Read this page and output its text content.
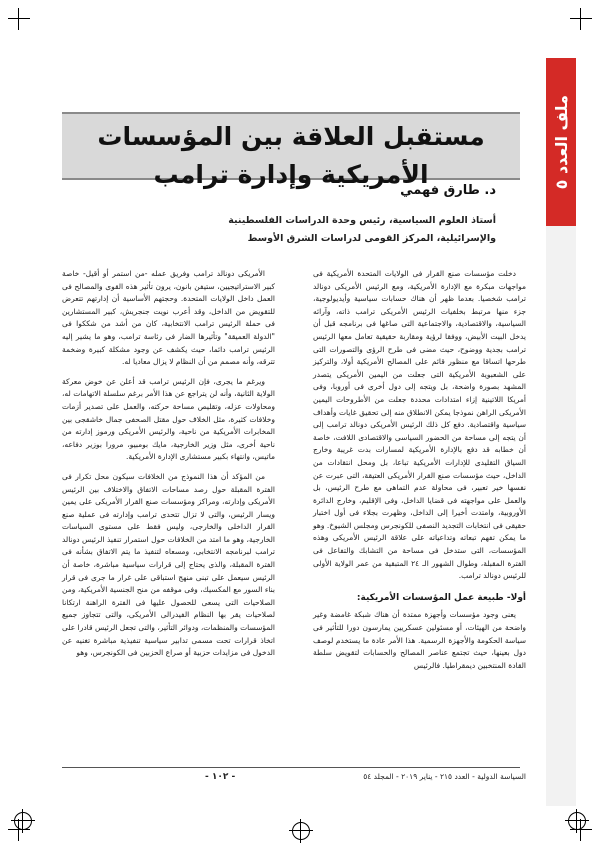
ملف العدد ٥
مستقبل العلاقة بين المؤسسات الأمريكية وإدارة ترامب
د. طارق فهمي
أستاذ العلوم السياسية، رئيس وحدة الدراسات الفلسطينية
والإسرائيلية، المركز القومى لدراسات الشرق الأوسط

دخلت مؤسسات صنع القرار فى الولايات المتحدة الأمريكية فى مواجهات مبكرة مع الإدارة الأمريكية، ومع الرئيس الأمريكى دونالد ترامب شخصيا. بعدما ظهر أن هناك حسابات سياسية وأيديولوجية، جزء منها مرتبط بخلفيات الرئيس الأمريكى ترامب ذاته، وآرائه السياسية، والاقتصادية، والاجتماعية التى صاغها فى برنامجه قبل أن يدخل البيت الأبيض، ووفقا لرؤية ومقاربة حقيقية تعامل معها الرئيس ترامب بجدية ووضوح، حيث مضى فى طرح الرؤى والتصورات التى طرحها اتساقا مع منظور قائم على المصالح الأمريكية أولا، والتركيز على الشعبوية الأمريكية التى جعلت من اليمين الأمريكى يتصدر المشهد بصورة واضحة، بل ويتجه إلى دول أخرى فى أوروبا، وفى أمريكا اللاتينية إزاء امتدادات محددة جعلت من الأطروحات اليمين الأمريكى الراهن نموذجا يمكن الانطلاق منه إلى تحقيق غايات وأهداف سياسية واقتصادية. دفع كل ذلك الرئيس الأمريكى دونالد ترامب إلى أن يتجه إلى مساحة من الحضور السياسى والاقتصادى اللافت، خاصة أن خطابه قد دفع بالإدارة الأمريكية لمسارات بدت غريبة وخارج السياق التقليدى للإدارات الأمريكية تباعا، بل ومحل انتقادات من الداخل، حيث مؤسسات صنع القرار الأمريكى العتيقة، التى عبرت عن نفسها خير تعبير، فى محاولة عدم التماهى مع طرح الرئيس، بل والعمل على مواجهته فى قضايا الداخل، وفى الإقليم، وخارج الدائرة الأوروبية، وامتدت أخيرا إلى الداخل، وظهرت بجلاء فى أول اختبار حقيقى فى انتخابات التجديد النصفى للكونجرس ومجلس الشيوخ. وهو ما يمكن تفهم تبعاته وتداعياته على علاقة الرئيس الأمريكى وهذه المؤسسات، التى ستدخل فى مساحة من التشابك والتفاعل فى الفترة المقبلة، وطوال الشهور الـ ٢٤ المتبقية من عمر الولاية الأولى للرئيس دونالد ترامب.

أولا- طبيعة عمل المؤسسات الأمريكية:

يعنى وجود مؤسسات وأجهزة ممتدة أن هناك شبكة غامضة وغير واضحة من الهيئات، أو مسئولين عسكريين يمارسون دورا للتأثير فى سياسة الحكومة والأجهزة الرسمية. هذا الأمر عادة ما يستخدم لوصف دول بعينها، حيث تجتمع عناصر المصالح والحسابات لتقويض سلطة القادة المنتخبين ديمقراطيا. فالرئيس

الأمريكى دونالد ترامب وفريق عمله -من استمر أو أقيل- خاصة كبير الاستراتيجيين، ستيفن بانون، يرون تأثير هذه القوى والمصالح فى العمل داخل الولايات المتحدة. وحجتهم الأساسية أن إدارتهم تتعرض للتقويض من الداخل، وقد أعرب نويت جنجريش، كبير المستشارين فى حملة الرئيس ترامب الانتخابية، كان من أشد من شككوا فى "الدولة العميقة" وتأثيرها الضار فى رئاسة ترامب، وهو ما يشير إليه الرئيس ترامب دائما، حيث يكشف عن وجود مشكلة كبيرة وضخمة تترقه، وأنه مصمم من أن النظام لا يزال معاديا له.

ويرغم ما يجرى، فإن الرئيس ترامب قد أعلن عن خوض معركة الولاية الثانية، وأنه لن يتراجع عن هذا الأمر برغم سلسلة الاتهامات له، ومحاولات عزله، وتقليص مساحة حركته، والعمل على تصدير أزمات وخلافات كثيرة، مثل الخلاف حول مقتل الصحفى جمال خاشقجى بين المخابرات الأمريكية من ناحية، والرئيس الأمريكى ورموز إدارته من ناحية أخرى، مثل وزير الخارجية، مايك بومبيو، مرورا بوزير دفاعه، ماتيس، وانتهاء بكبير مستشارى الإدارة الأمريكية.

من المؤكد أن هذا النموذج من الخلافات سيكون محل تكرار فى الفترة المقبلة حول رصد مساحات الاتفاق والاختلاف بين الرئيس الأمريكى وإدارته، ومراكز ومؤسسات صنع القرار الأمريكى على يمين ويسار الرئيس، والتى لا تزال تتحدى ترامب وإدارته فى عملية صنع القرار الداخلى والخارجى، وليس فقط على مستوى السياسات الخارجية، وهو ما امتد من الخلافات حول استمرار تنفيذ الرئيس دونالد ترامب لبرنامجه الانتخابى، ومسعاه لتنفيذ ما يتم الاتفاق بشأنه فى الفترة المقبلة، والذى يحتاج إلى قرارات سياسية مباشرة، خاصة أن الرئيس سيعمل على تبنى منهج استباقى على غرار ما جرى فى قرار بناء السور مع المكسيك، وفى موقفه من منح الجنسية الأمريكية، ومن الصلاحيات التى يسعى للحصول عليها فى الفترة الراهنة ارتكانا لصلاحيات يقر بها النظام الفيدرالى الأمريكى، والتى تتجاوز جميع المؤسسات والمنظمات، ودوائر التأثير، والتى تجعل الرئيس قادرا على اتخاذ قرارات تحت مسمى تدابير سياسية تنفيذية مباشرة تغنيه عن الدخول فى مزايدات حزبية أو صراع الحزبين فى الكونجرس، وهو

السياسة الدولية - العدد ٢١٥ - يناير ٢٠١٩ - المجلد ٥٤
- ١٠٢ -
